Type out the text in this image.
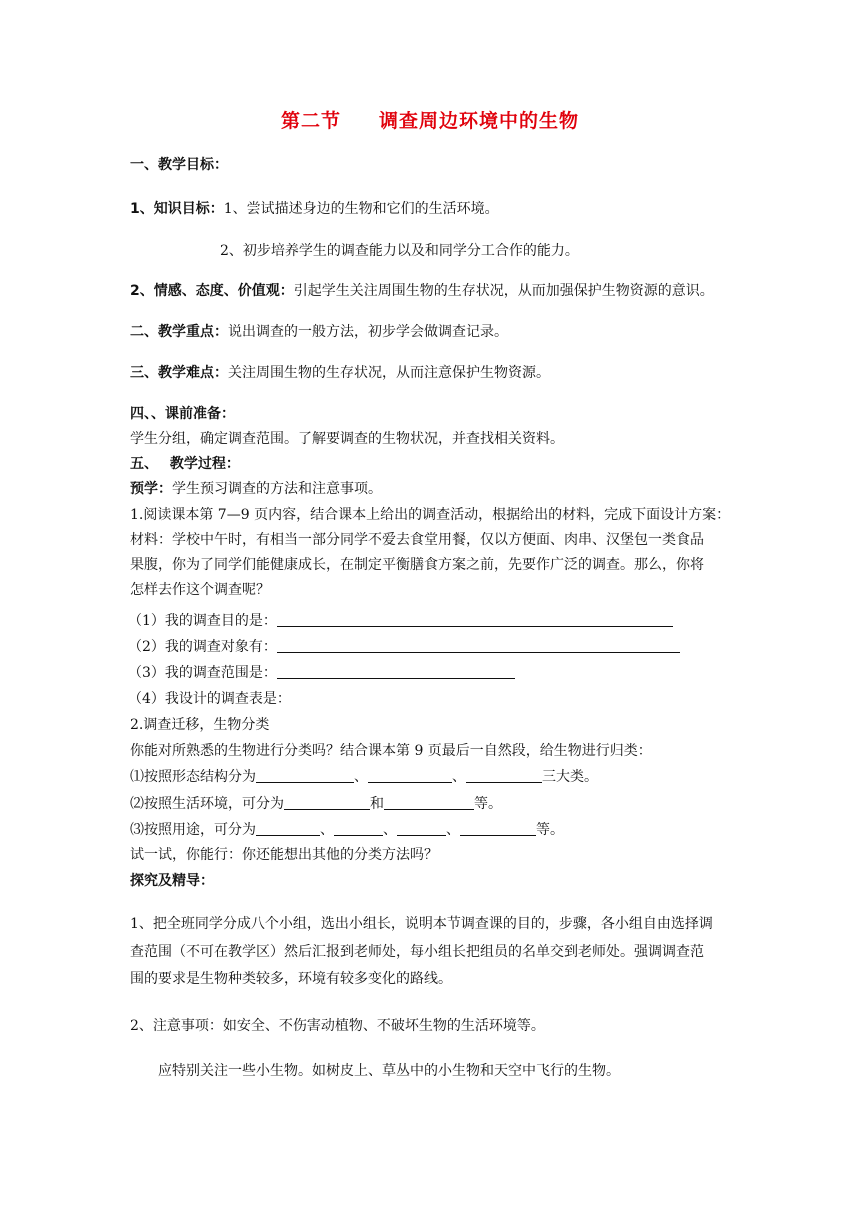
第二节 调查周边环境中的生物
一、教学目标：
1、知识目标：1、尝试描述身边的生物和它们的生活环境。
2、初步培养学生的调查能力以及和同学分工合作的能力。
2、情感、态度、价值观：引起学生关注周围生物的生存状况，从而加强保护生物资源的意识。
二、教学重点：说出调查的一般方法，初步学会做调查记录。
三、教学难点：关注周围生物的生存状况，从而注意保护生物资源。
四、、课前准备：
学生分组，确定调查范围。了解要调查的生物状况，并查找相关资料。
五、　 教学过程：
预学：学生预习调查的方法和注意事项。
1.阅读课本第 7—9 页内容，结合课本上给出的调查活动，根据给出的材料，完成下面设计方案：
材料：学校中午时，有相当一部分同学不爱去食堂用餐，仅以方便面、肉串、汉堡包一类食品
果腹，你为了同学们能健康成长，在制定平衡膳食方案之前，先要作广泛的调查。那么，你将
怎样去作这个调查呢？
（1）我的调查目的是：
（2）我的调查对象有：
（3）我的调查范围是：
（4）我设计的调查表是：
2.调查迁移，生物分类
你能对所熟悉的生物进行分类吗？结合课本第 9 页最后一自然段，给生物进行归类：
⑴按照形态结构分为	、	、	三大类。
⑵按照生活环境，可分为	和	等。
⑶按照用途，可分为	、	、	、	等。
试一试，你能行：你还能想出其他的分类方法吗？
探究及精导：
1、把全班同学分成八个小组，选出小组长，说明本节调查课的目的，步骤，各小组自由选择调
查范围（不可在教学区）然后汇报到老师处，每小组长把组员的名单交到老师处。强调调查范
围的要求是生物种类较多，环境有较多变化的路线。
2、注意事项：如安全、不伤害动植物、不破坏生物的生活环境等。
应特别关注一些小生物。如树皮上、草丛中的小生物和天空中飞行的生物。
